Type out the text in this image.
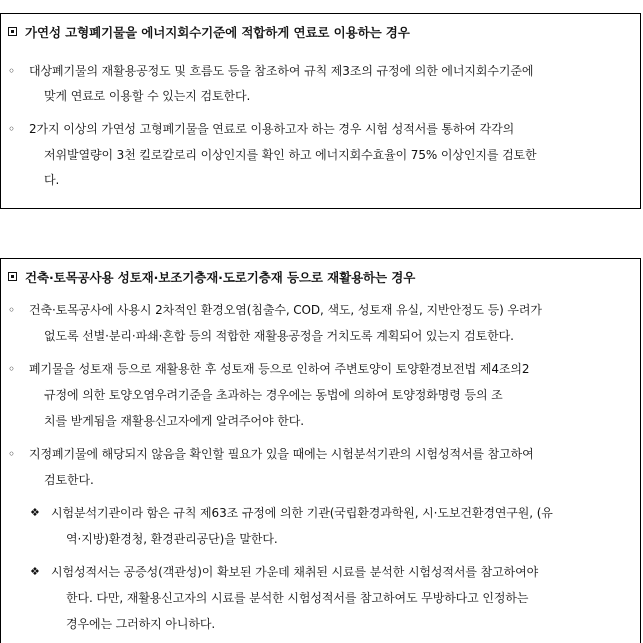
가연성 고형폐기물을 에너지회수기준에 적합하게 연료로 이용하는 경우
◦ 대상폐기물의 재활용공정도 및 흐름도 등을 참조하여 규칙 제3조의 규정에 의한 에너지회수기준에
맞게 연료로 이용할 수 있는지 검토한다.
◦ 2가지 이상의 가연성 고형폐기물을 연료로 이용하고자 하는 경우 시험 성적서를 통하여 각각의
저위발열량이 3천 킬로칼로리 이상인지를 확인 하고 에너지회수효율이 75% 이상인지를 검토한
다.
건축·토목공사용 성토재·보조기층재·도로기층재 등으로 재활용하는 경우
◦ 건축·토목공사에 사용시 2차적인 환경오염(침출수, COD, 색도, 성토재 유실, 지반안정도 등) 우려가
없도록 선별·분리·파쇄·혼합 등의 적합한 재활용공정을 거치도록 계획되어 있는지 검토한다.
◦ 폐기물을 성토재 등으로 재활용한 후 성토재 등으로 인하여 주변토양이 토양환경보전법 제4조의2
규정에 의한 토양오염우려기준을 초과하는 경우에는 동법에 의하여 토양정화명령 등의 조
치를 받게됨을 재활용신고자에게 알려주어야 한다.
◦ 지정폐기물에 해당되지 않음을 확인할 필요가 있을 때에는 시험분석기관의 시험성적서를 참고하여
검토한다.
❖ 시험분석기관이라 함은 규칙 제63조 규정에 의한 기관(국립환경과학원, 시·도보건환경연구원, (유
역·지방)환경청, 환경관리공단)을 말한다.
❖ 시험성적서는 공증성(객관성)이 확보된 가운데 채취된 시료를 분석한 시험성적서를 참고하여야
한다. 다만, 재활용신고자의 시료를 분석한 시험성적서를 참고하여도 무방하다고 인정하는
경우에는 그러하지 아니하다.
